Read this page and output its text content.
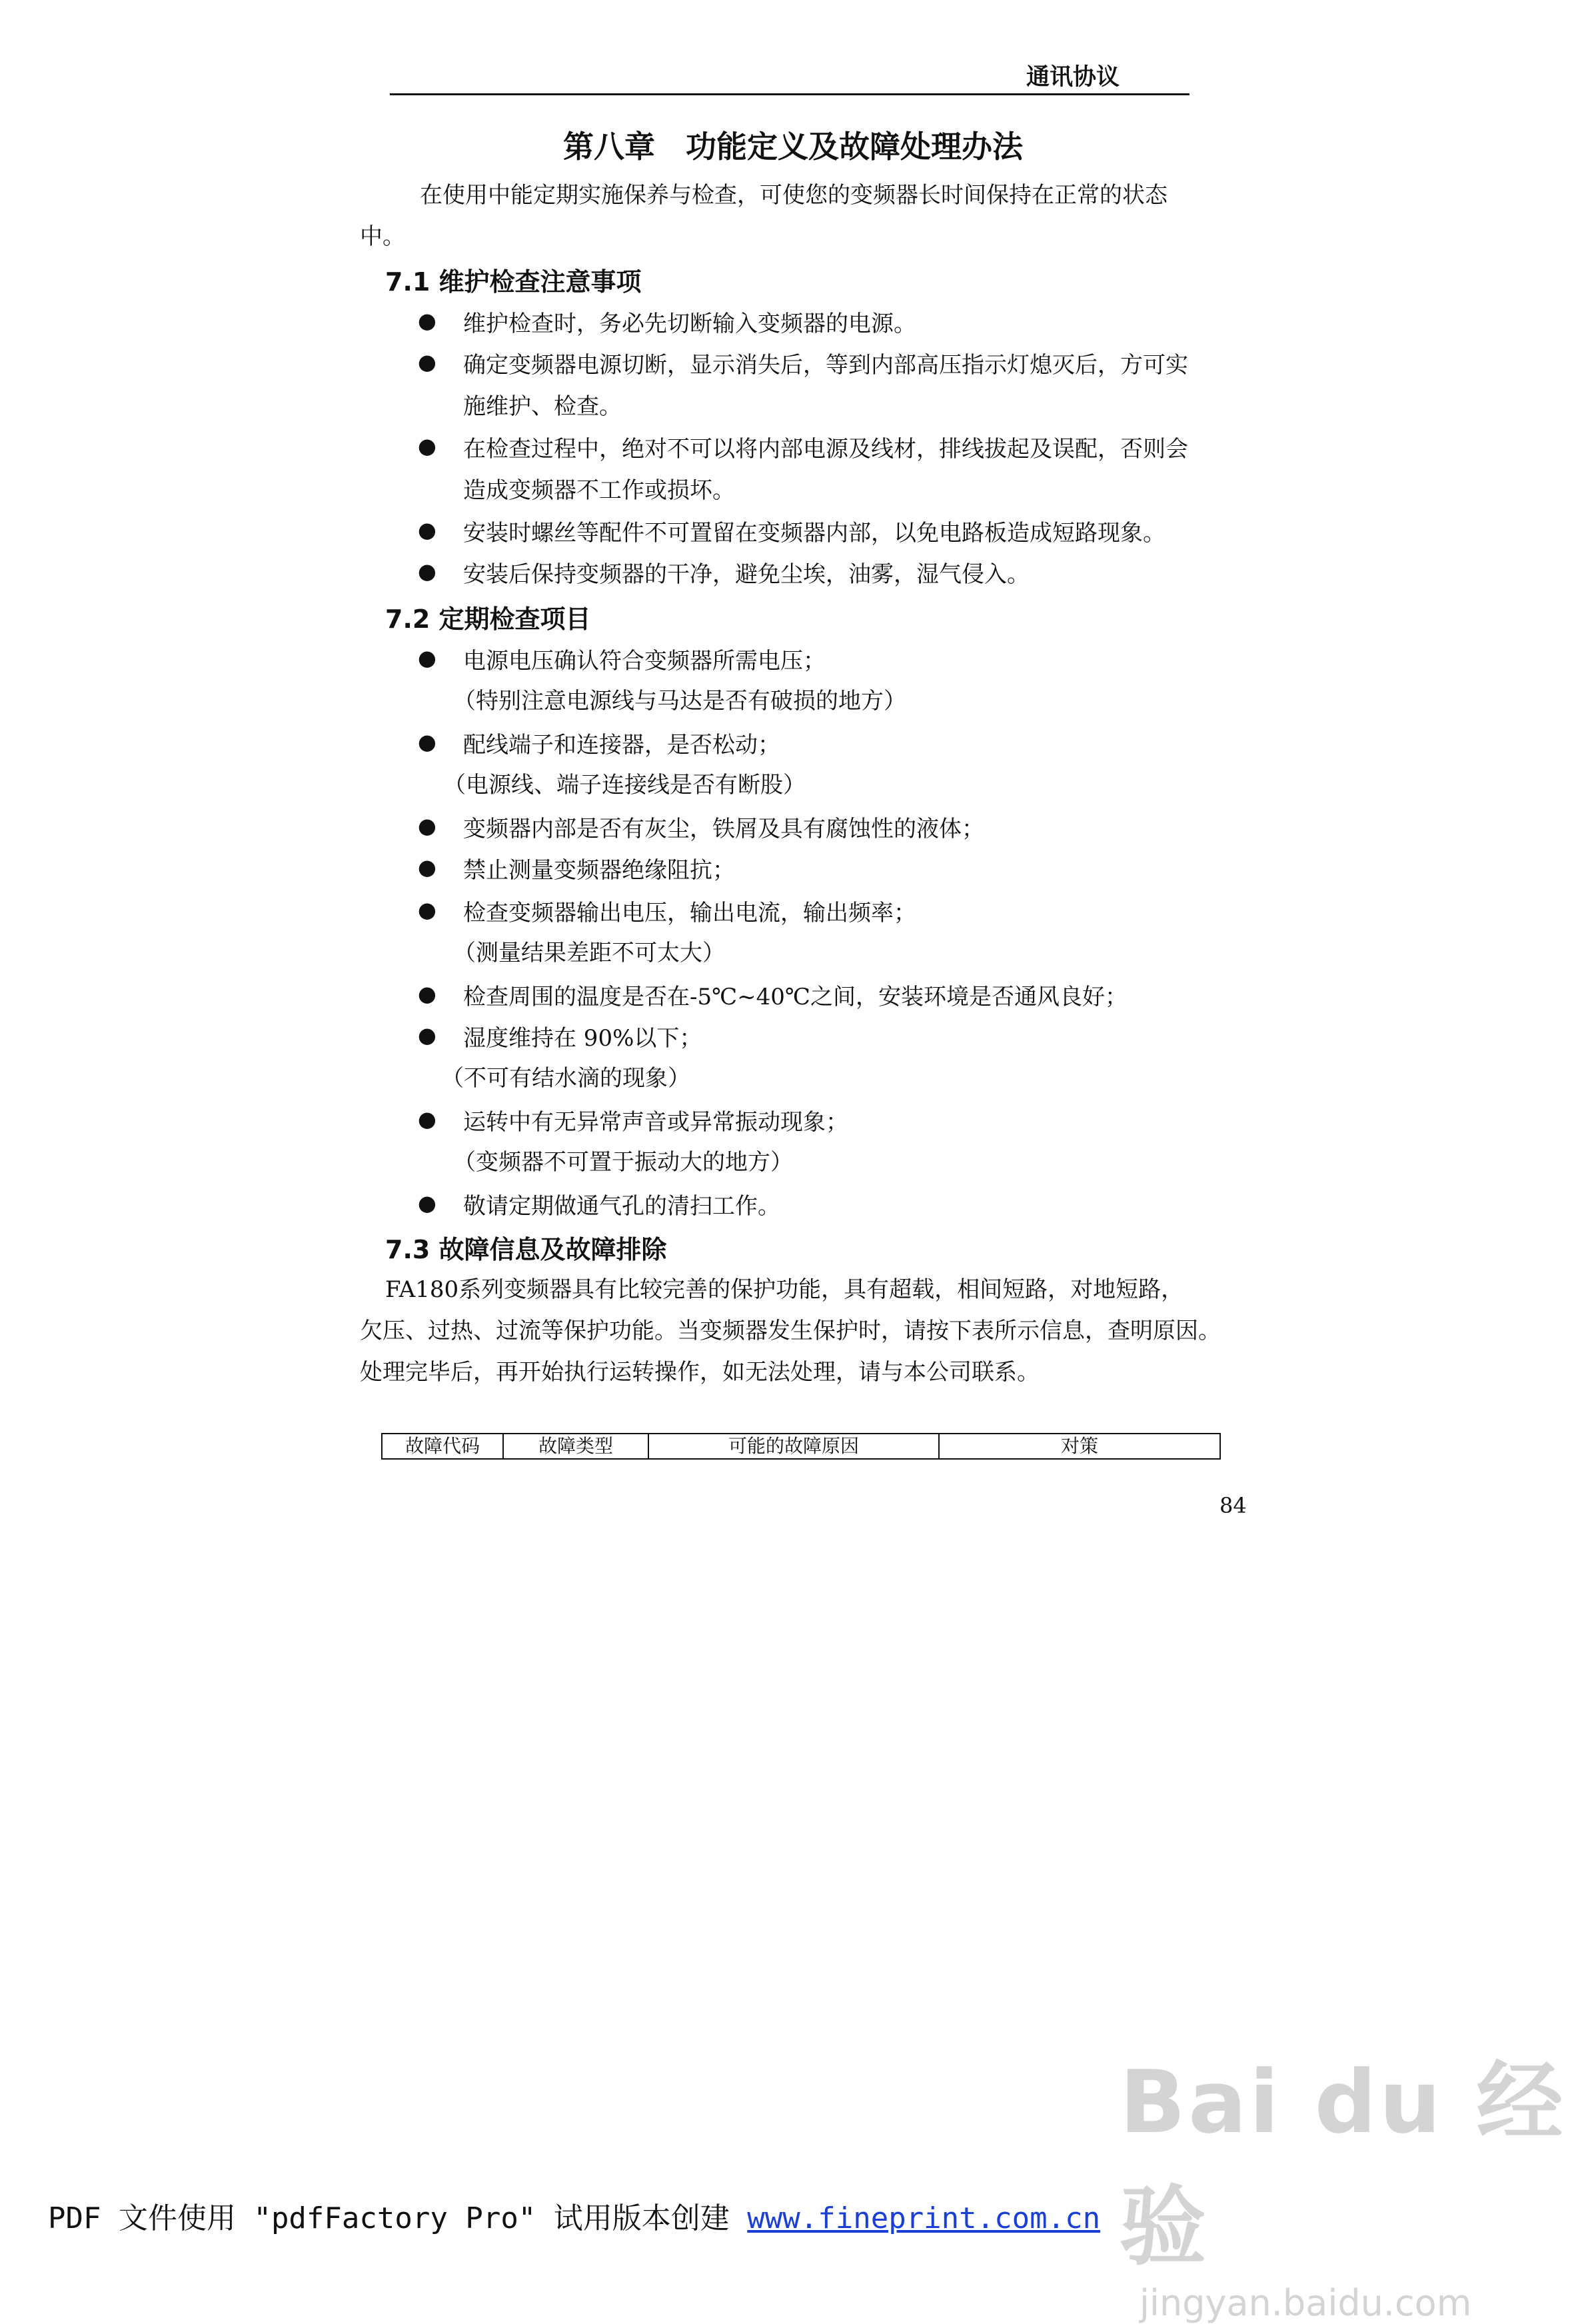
通讯协议
第八章　功能定义及故障处理办法
在使用中能定期实施保养与检查，可使您的变频器长时间保持在正常的状态
中。
7.1 维护检查注意事项
● 维护检查时，务必先切断输入变频器的电源。
● 确定变频器电源切断，显示消失后，等到内部高压指示灯熄灭后，方可实
施维护、检查。
● 在检查过程中，绝对不可以将内部电源及线材，排线拔起及误配，否则会
造成变频器不工作或损坏。
● 安装时螺丝等配件不可置留在变频器内部，以免电路板造成短路现象。
● 安装后保持变频器的干净，避免尘埃，油雾，湿气侵入。
7.2 定期检查项目
● 电源电压确认符合变频器所需电压；
（特别注意电源线与马达是否有破损的地方）
● 配线端子和连接器，是否松动；
（电源线、端子连接线是否有断股）
● 变频器内部是否有灰尘，铁屑及具有腐蚀性的液体；
● 禁止测量变频器绝缘阻抗；
● 检查变频器输出电压，输出电流，输出频率；
（测量结果差距不可太大）
● 检查周围的温度是否在-5℃~40℃之间，安装环境是否通风良好；
● 湿度维持在 90%以下；
（不可有结水滴的现象）
● 运转中有无异常声音或异常振动现象；
（变频器不可置于振动大的地方）
● 敬请定期做通气孔的清扫工作。
7.3 故障信息及故障排除
FA180系列变频器具有比较完善的保护功能，具有超载，相间短路，对地短路，
欠压、过热、过流等保护功能。当变频器发生保护时，请按下表所示信息，查明原因。
处理完毕后，再开始执行运转操作，如无法处理，请与本公司联系。
故障代码	故障类型	可能的故障原因	对策
84
Bai du 经验
jingyan.baidu.com
PDF 文件使用 "pdfFactory Pro" 试用版本创建 www.fineprint.com.cn
